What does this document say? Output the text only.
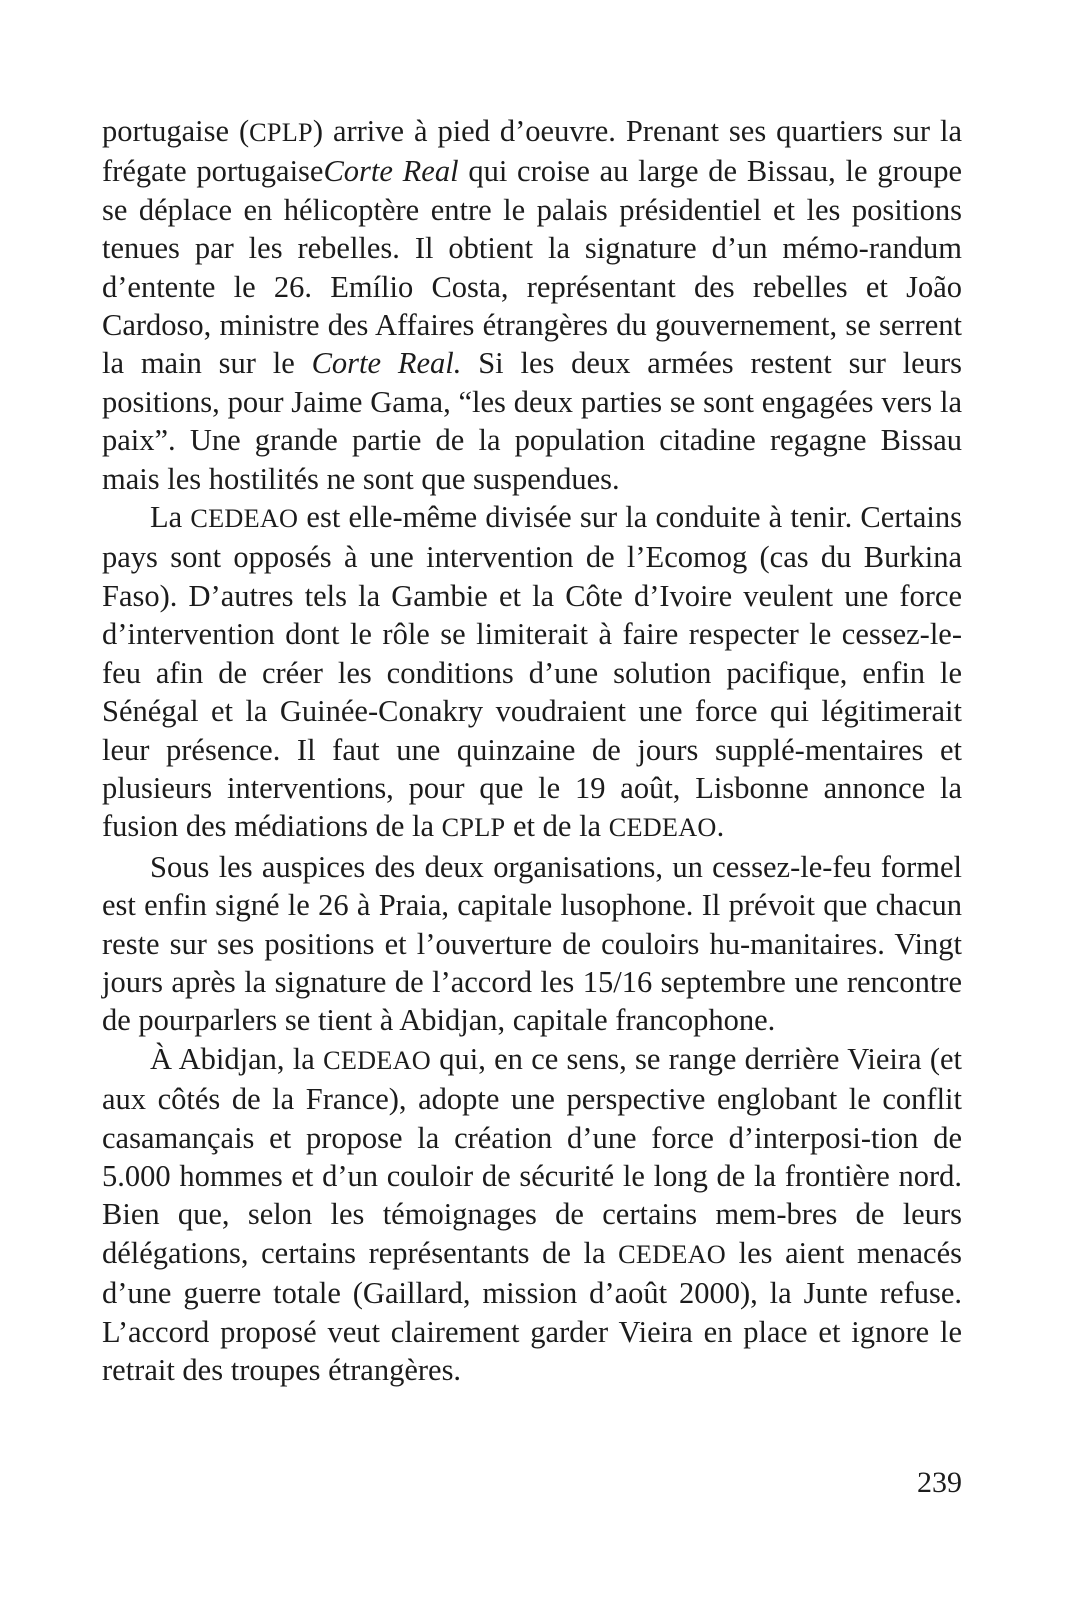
portugaise (CPLP) arrive à pied d’oeuvre. Prenant ses quartiers sur la frégate portugaiseCorte Real qui croise au large de Bissau, le groupe se déplace en hélicoptère entre le palais présidentiel et les positions tenues par les rebelles. Il obtient la signature d’un mémo-randum d’entente le 26. Emílio Costa, représentant des rebelles et João Cardoso, ministre des Affaires étrangères du gouvernement, se serrent la main sur le Corte Real. Si les deux armées restent sur leurs positions, pour Jaime Gama, “les deux parties se sont engagées vers la paix”. Une grande partie de la population citadine regagne Bissau mais les hostilités ne sont que suspendues.

La CEDEAO est elle-même divisée sur la conduite à tenir. Certains pays sont opposés à une intervention de l’Ecomog (cas du Burkina Faso). D’autres tels la Gambie et la Côte d’Ivoire veulent une force d’intervention dont le rôle se limiterait à faire respecter le cessez-le-feu afin de créer les conditions d’une solution pacifique, enfin le Sénégal et la Guinée-Conakry voudraient une force qui légitimerait leur présence. Il faut une quinzaine de jours supplé-mentaires et plusieurs interventions, pour que le 19 août, Lisbonne annonce la fusion des médiations de la CPLP et de la CEDEAO.

Sous les auspices des deux organisations, un cessez-le-feu formel est enfin signé le 26 à Praia, capitale lusophone. Il prévoit que chacun reste sur ses positions et l’ouverture de couloirs hu-manitaires. Vingt jours après la signature de l’accord les 15/16 septembre une rencontre de pourparlers se tient à Abidjan, capitale francophone.

À Abidjan, la CEDEAO qui, en ce sens, se range derrière Vieira (et aux côtés de la France), adopte une perspective englobant le conflit casamançais et propose la création d’une force d’interposi-tion de 5.000 hommes et d’un couloir de sécurité le long de la frontière nord. Bien que, selon les témoignages de certains mem-bres de leurs délégations, certains représentants de la CEDEAO les aient menacés d’une guerre totale (Gaillard, mission d’août 2000), la Junte refuse. L’accord proposé veut clairement garder Vieira en place et ignore le retrait des troupes étrangères.

239
